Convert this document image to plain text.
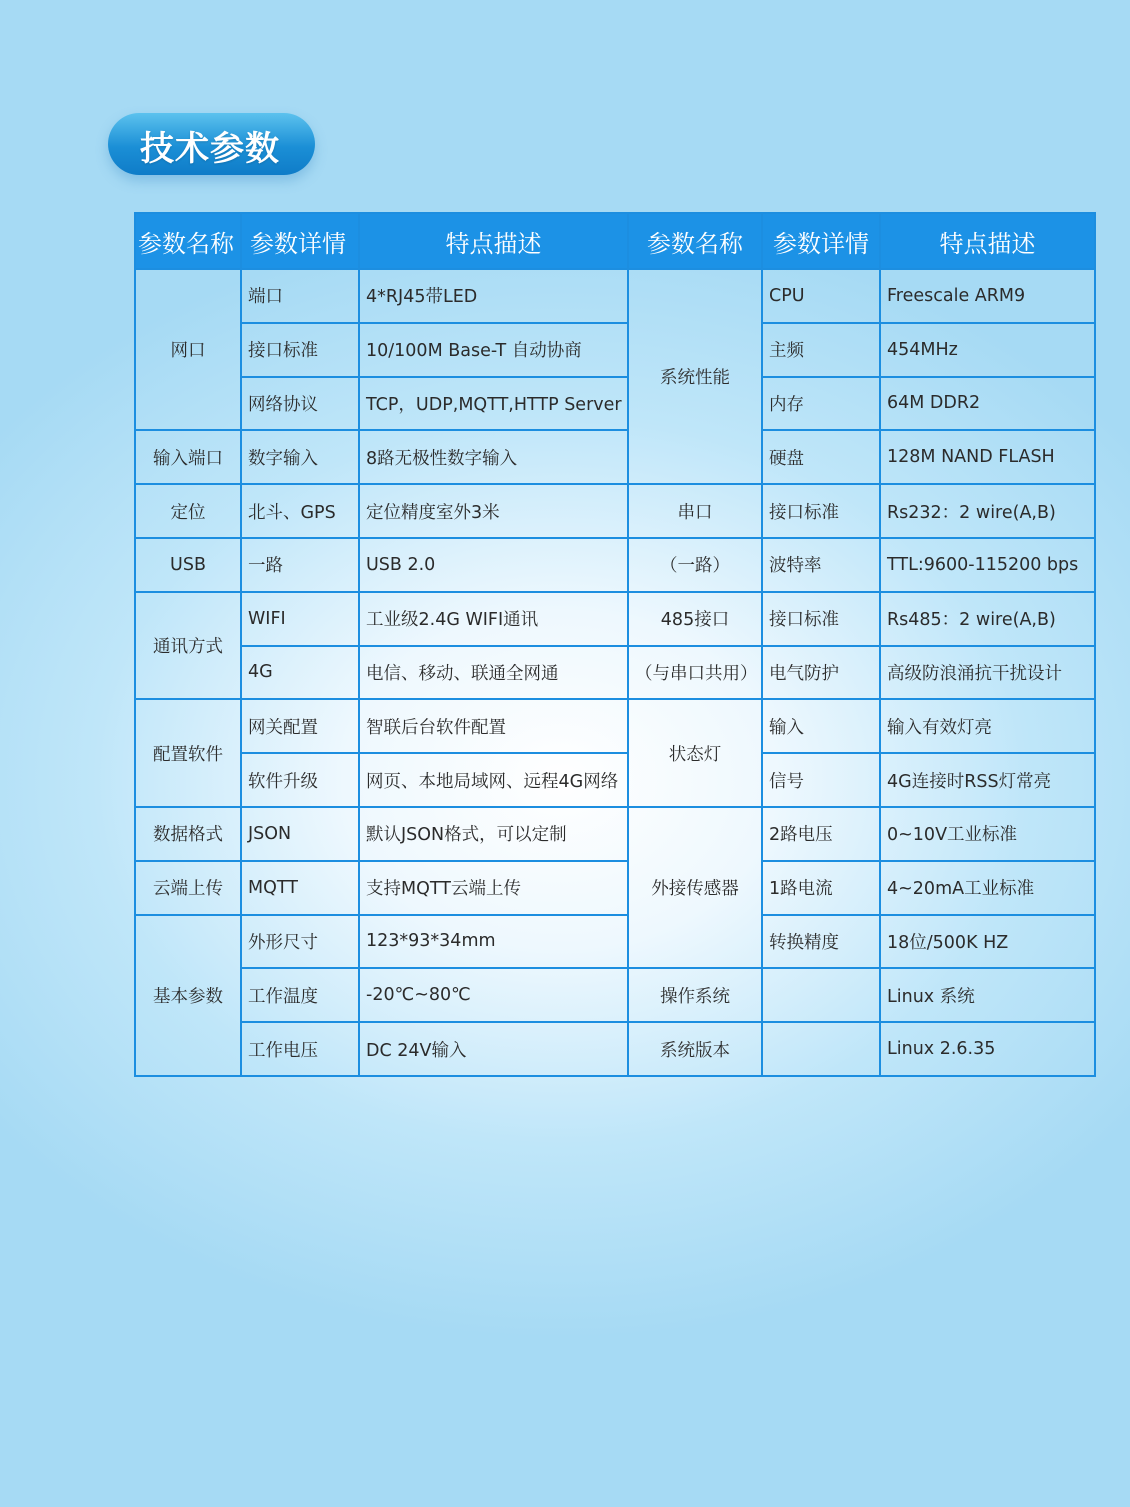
技术参数
参数名称	参数详情	特点描述	参数名称	参数详情	特点描述
网口	端口	4*RJ45带LED	系统性能	CPU	Freescale ARM9
	接口标准	10/100M Base-T 自动协商		主频	454MHz
	网络协议	TCP，UDP,MQTT,HTTP Server		内存	64M DDR2
输入端口	数字输入	8路无极性数字输入		硬盘	128M NAND FLASH
定位	北斗、GPS	定位精度室外3米	串口	接口标准	Rs232：2 wire(A,B)
USB	一路	USB 2.0	（一路）	波特率	TTL:9600-115200 bps
通讯方式	WIFI	工业级2.4G WIFI通讯	485接口	接口标准	Rs485：2 wire(A,B)
	4G	电信、移动、联通全网通	（与串口共用）	电气防护	高级防浪涌抗干扰设计
配置软件	网关配置	智联后台软件配置	状态灯	输入	输入有效灯亮
	软件升级	网页、本地局域网、远程4G网络		信号	4G连接时RSS灯常亮
数据格式	JSON	默认JSON格式，可以定制	外接传感器	2路电压	0~10V工业标准
云端上传	MQTT	支持MQTT云端上传		1路电流	4~20mA工业标准
基本参数	外形尺寸	123*93*34mm		转换精度	18位/500K HZ
	工作温度	-20℃~80℃	操作系统		Linux 系统
	工作电压	DC 24V输入	系统版本		Linux 2.6.35
